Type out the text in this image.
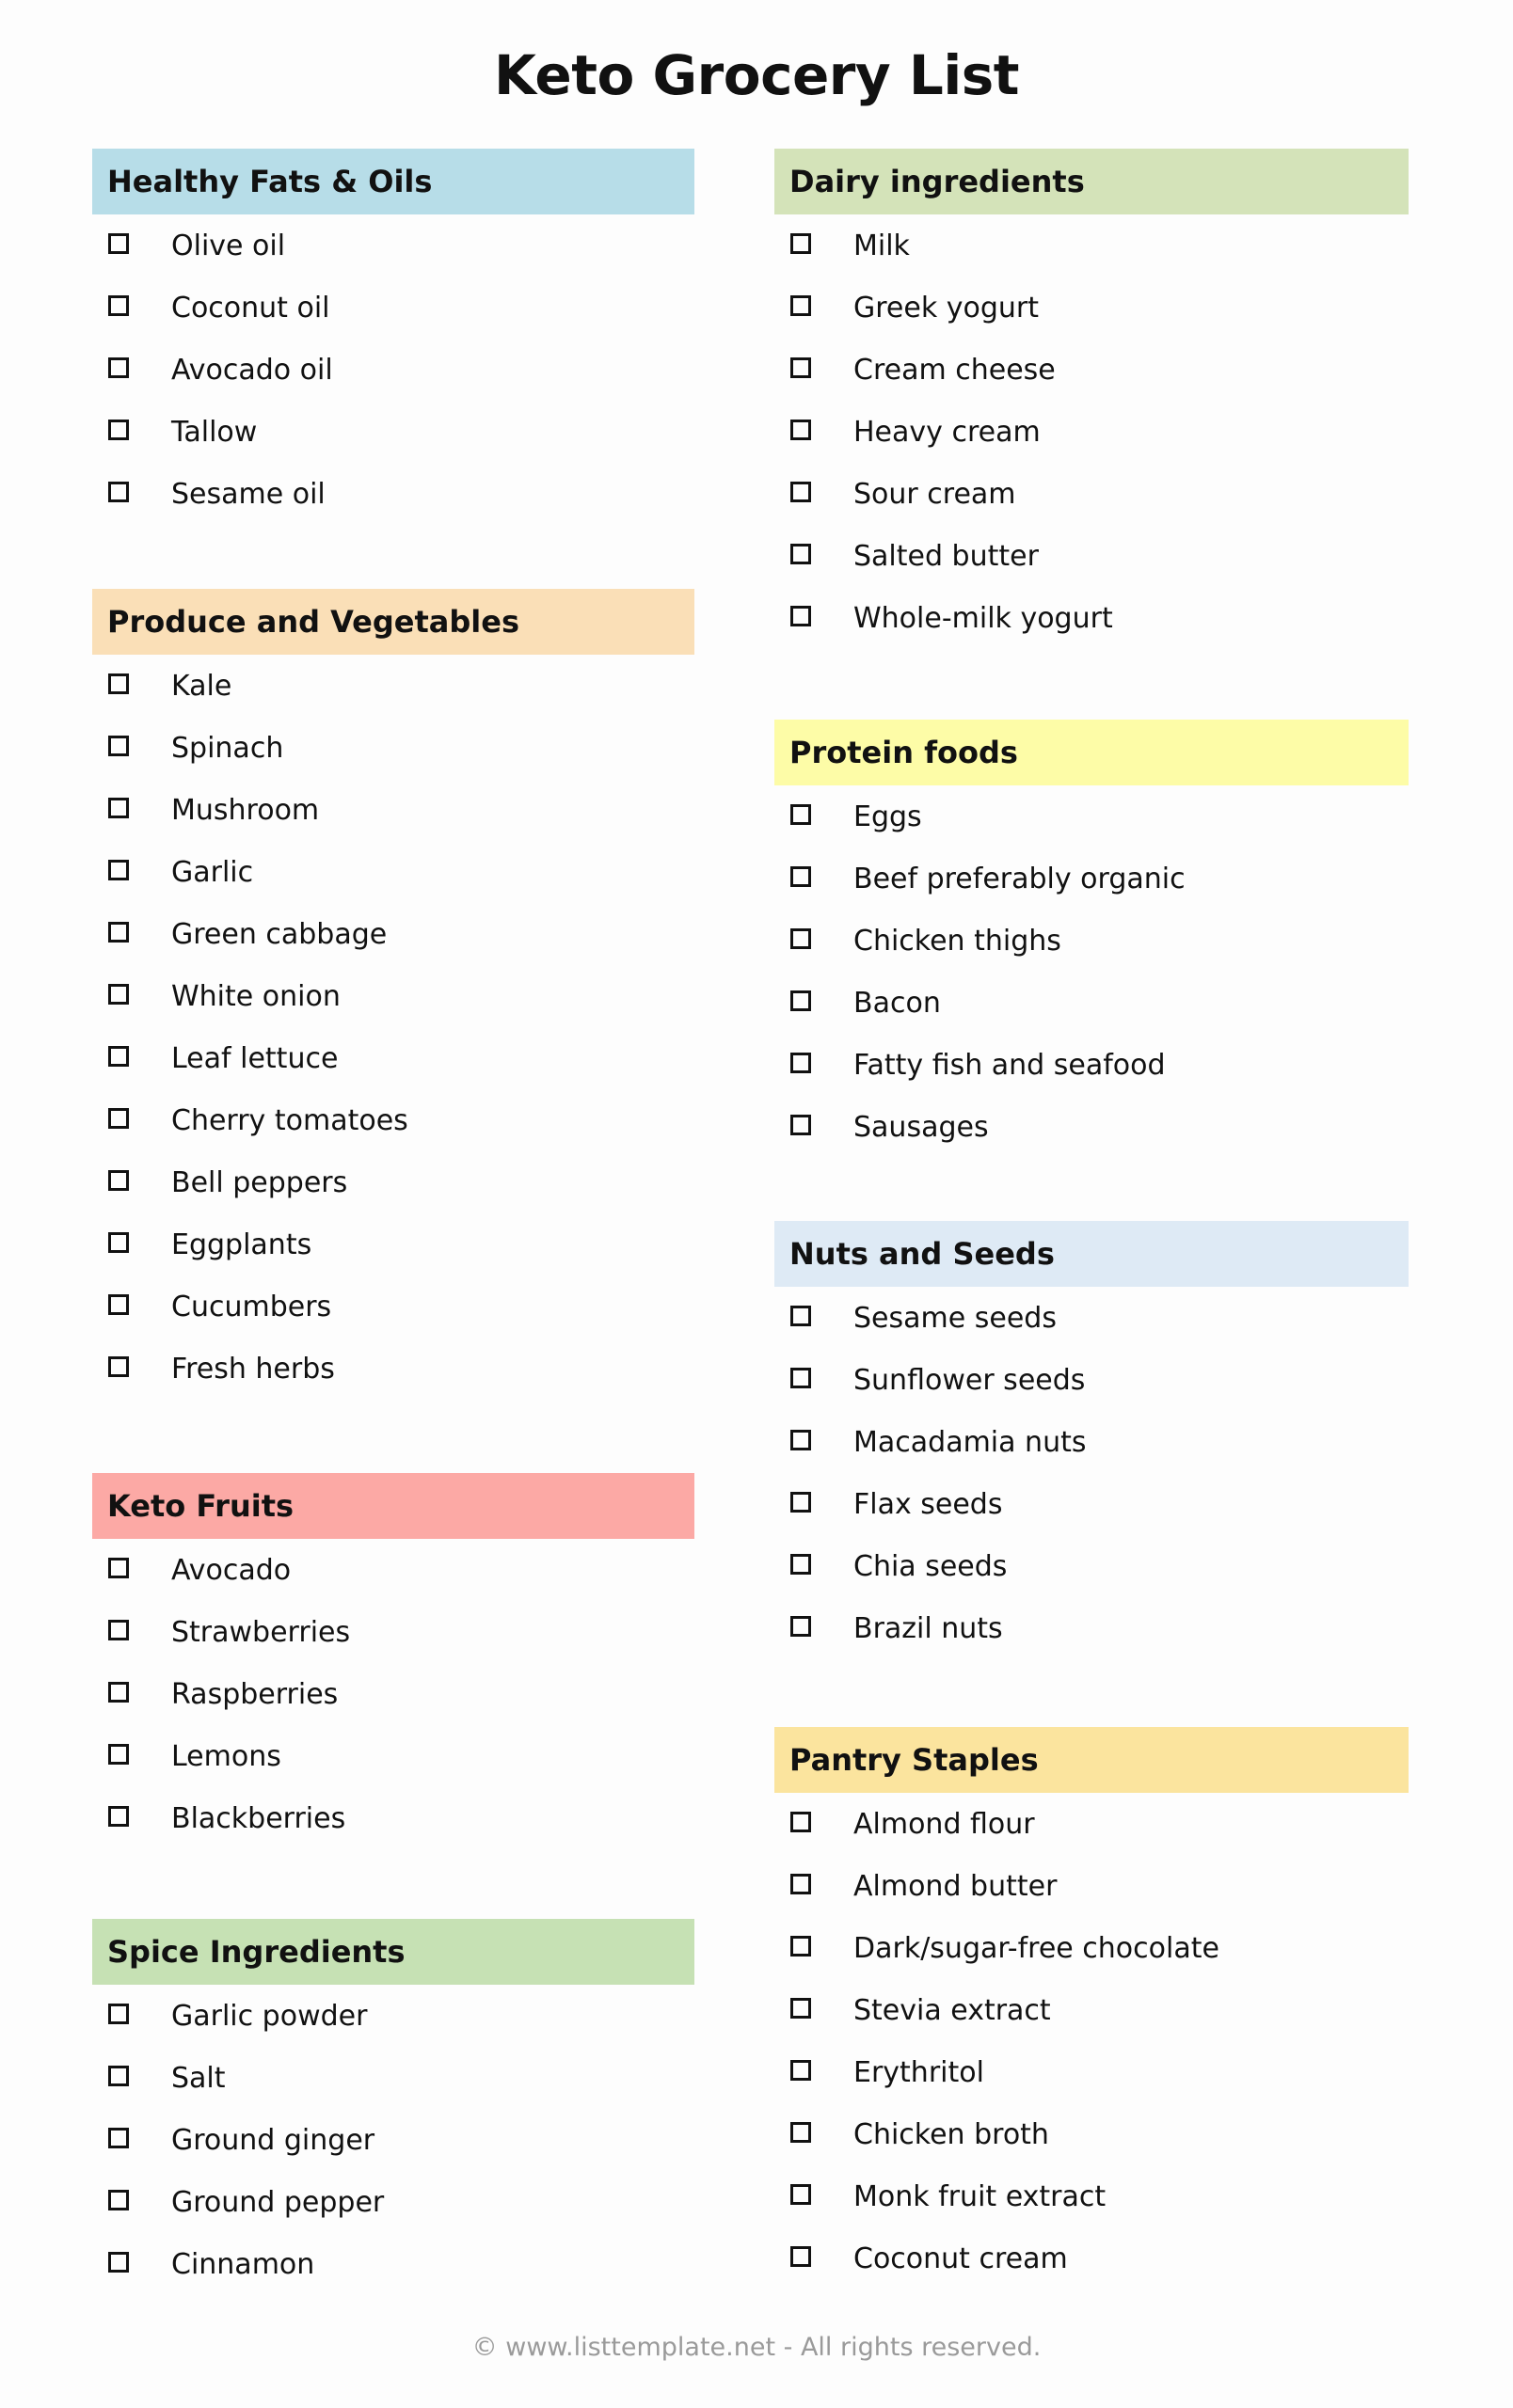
Keto Grocery List
Healthy Fats & Oils
Olive oil
Coconut oil
Avocado oil
Tallow
Sesame oil
Produce and Vegetables
Kale
Spinach
Mushroom
Garlic
Green cabbage
White onion
Leaf lettuce
Cherry tomatoes
Bell peppers
Eggplants
Cucumbers
Fresh herbs
Keto Fruits
Avocado
Strawberries
Raspberries
Lemons
Blackberries
Spice Ingredients
Garlic powder
Salt
Ground ginger
Ground pepper
Cinnamon
Dairy ingredients
Milk
Greek yogurt
Cream cheese
Heavy cream
Sour cream
Salted butter
Whole-milk yogurt
Protein foods
Eggs
Beef preferably organic
Chicken thighs
Bacon
Fatty fish and seafood
Sausages
Nuts and Seeds
Sesame seeds
Sunflower seeds
Macadamia nuts
Flax seeds
Chia seeds
Brazil nuts
Pantry Staples
Almond flour
Almond butter
Dark/sugar-free chocolate
Stevia extract
Erythritol
Chicken broth
Monk fruit extract
Coconut cream
© www.listtemplate.net - All rights reserved.
